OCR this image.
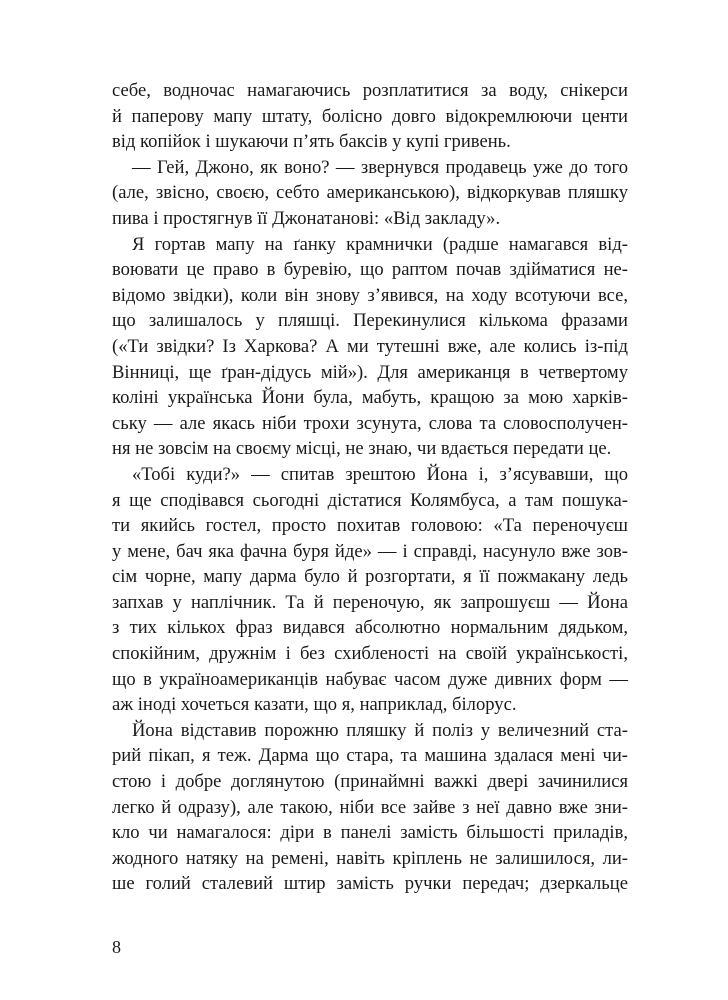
себе, водночас намагаючись розплатитися за воду, снікерси
й паперову мапу штату, болісно довго відокремлюючи центи
від копійок і шукаючи п’ять баксів у купі гривень.
— Гей, Джоно, як воно? — звернувся продавець уже до того
(але, звісно, своєю, себто американською), відкоркував пляшку
пива і простягнув її Джонатанові: «Від закладу».
Я гортав мапу на ґанку крамнички (радше намагався від-
воювати це право в буревію, що раптом почав здійматися не-
відомо звідки), коли він знову з’явився, на ходу всотуючи все,
що залишалось у пляшці. Перекинулися кількома фразами
(«Ти звідки? Із Харкова? А ми тутешні вже, але колись із-під
Вінниці, ще ґран-дідусь мій»). Для американця в четвертому
коліні українська Йони була, мабуть, кращою за мою харків-
ську — але якась ніби трохи зсунута, слова та словосполучен-
ня не зовсім на своєму місці, не знаю, чи вдається передати це.
«Тобі куди?» — спитав зрештою Йона і, з’ясувавши, що
я ще сподівався сьогодні дістатися Колямбуса, а там пошука-
ти якийсь гостел, просто похитав головою: «Та переночуєш
у мене, бач яка фачна буря йде» — і справді, насунуло вже зов-
сім чорне, мапу дарма було й розгортати, я її пожмакану ледь
запхав у наплічник. Та й переночую, як запрошуєш — Йона
з тих кількох фраз видався абсолютно нормальним дядьком,
спокійним, дружнім і без схибленості на своїй українськості,
що в українoамериканців набуває часом дуже дивних форм —
аж іноді хочеться казати, що я, наприклад, білорус.
Йона відставив порожню пляшку й поліз у величезний ста-
рий пікап, я теж. Дарма що стара, та машина здалася мені чи-
стою і добре доглянутою (принаймні важкі двері зачинилися
легко й одразу), але такою, ніби все зайве з неї давно вже зни-
кло чи намагалося: діри в панелі замість більшості приладів,
жодного натяку на ремені, навіть кріплень не залишилося, ли-
ше голий сталевий штир замість ручки передач; дзеркальце
8
